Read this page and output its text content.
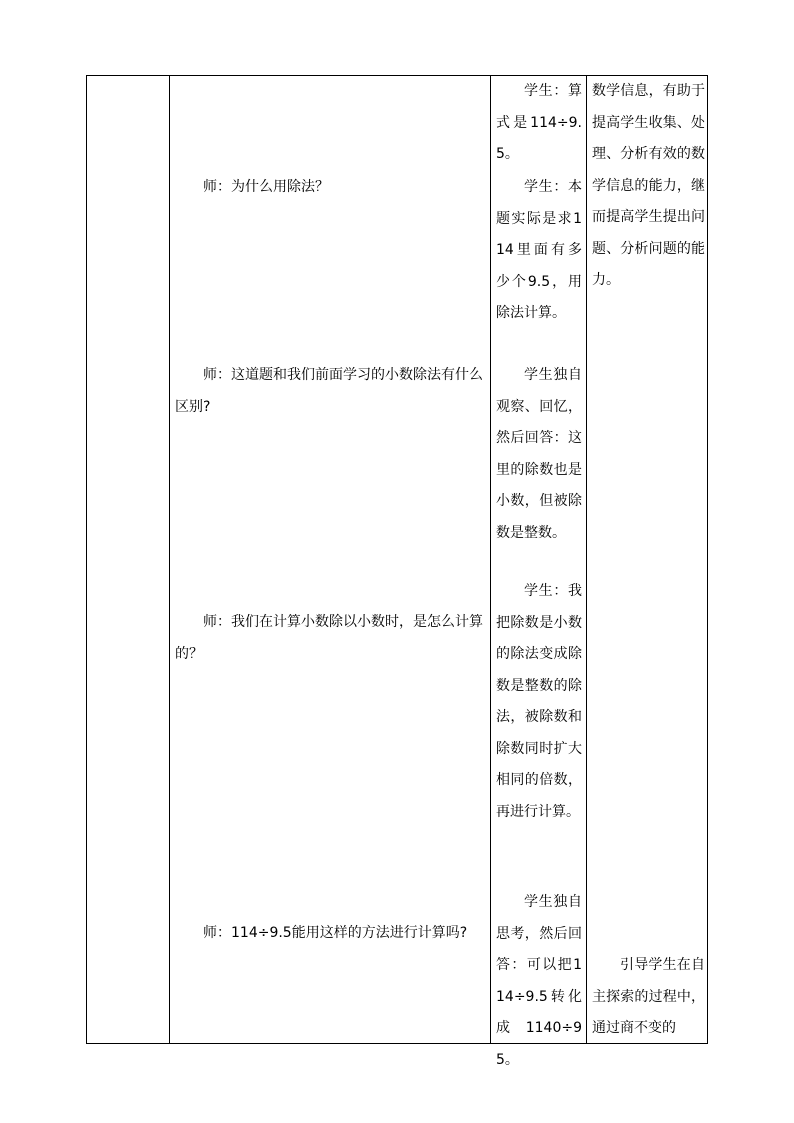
师：为什么用除法？
师：这道题和我们前面学习的小数除法有什么区别?
师：我们在计算小数除以小数时，是怎么计算的？
师：114÷9.5能用这样的方法进行计算吗?
学生：算式是114÷9.5。
学生：本题实际是求114里面有多少个9.5，用除法计算。
学生独自观察、回忆，然后回答：这里的除数也是小数，但被除数是整数。
学生：我把除数是小数的除法变成除数是整数的除法，被除数和除数同时扩大相同的倍数，再进行计算。
学生独自思考，然后回答：可以把114÷9.5转化成1140÷95。
数学信息，有助于提高学生收集、处理、分析有效的数学信息的能力，继而提高学生提出问题、分析问题的能力。
引导学生在自主探索的过程中，通过商不变的
